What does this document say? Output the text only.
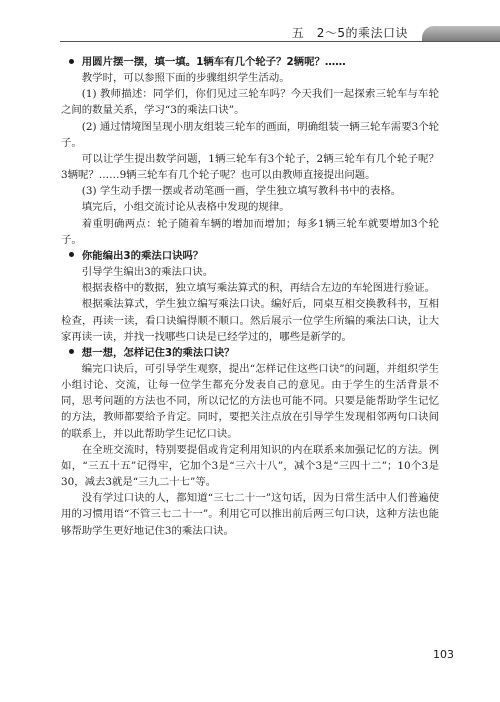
五　2～5的乘法口诀

用圆片摆一摆，填一填。1辆车有几个轮子？2辆呢？……

教学时，可以参照下面的步骤组织学生活动。

(1) 教师描述：同学们，你们见过三轮车吗？今天我们一起探索三轮车与车轮之间的数量关系，学习“3的乘法口诀”。

(2) 通过情境图呈现小朋友组装三轮车的画面，明确组装一辆三轮车需要3个轮子。

可以让学生提出数学问题，1辆三轮车有3个轮子，2辆三轮车有几个轮子呢？3辆呢？……9辆三轮车有几个轮子呢？也可以由教师直接提出问题。

(3) 学生动手摆一摆或者动笔画一画，学生独立填写教科书中的表格。

填完后，小组交流讨论从表格中发现的规律。

着重明确两点：轮子随着车辆的增加而增加；每多1辆三轮车就要增加3个轮子。

你能编出3的乘法口诀吗？

引导学生编出3的乘法口诀。

根据表格中的数据，独立填写乘法算式的积，再结合左边的车轮图进行验证。

根据乘法算式，学生独立编写乘法口诀。编好后，同桌互相交换教科书，互相检查，再读一读，看口诀编得顺不顺口。然后展示一位学生所编的乘法口诀，让大家再读一读，并找一找哪些口诀是已经学过的，哪些是新学的。

想一想，怎样记住3的乘法口诀？

编完口诀后，可引导学生观察，提出“怎样记住这些口诀”的问题，并组织学生小组讨论、交流，让每一位学生都充分发表自己的意见。由于学生的生活背景不同，思考问题的方法也不同，所以记忆的方法也可能不同。只要是能帮助学生记忆的方法，教师都要给予肯定。同时，要把关注点放在引导学生发现相邻两句口诀间的联系上，并以此帮助学生记忆口诀。

在全班交流时，特别要提倡或肯定利用知识的内在联系来加强记忆的方法。例如，“三五十五”记得牢，它加个3是“三六十八”，减个3是“三四十二”；10个3是30，减去3就是“三九二十七”等。

没有学过口诀的人，都知道“三七二十一”这句话，因为日常生活中人们普遍使用的习惯用语“不管三七二十一”。利用它可以推出前后两三句口诀，这种方法也能够帮助学生更好地记住3的乘法口诀。

103
